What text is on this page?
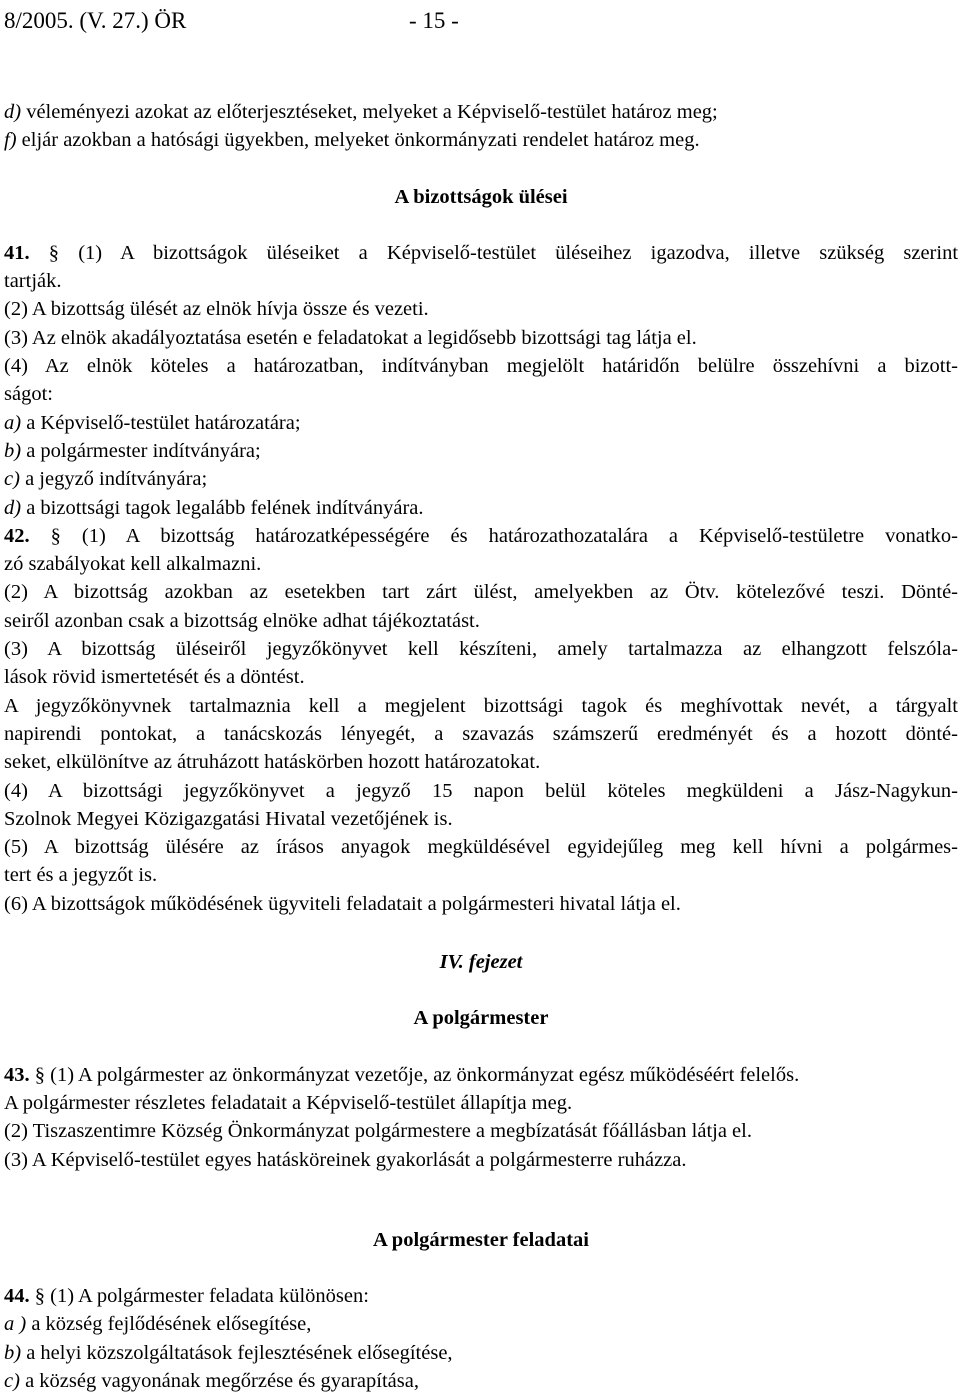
8/2005. (V. 27.) ÖR	- 15 -

d) véleményezi azokat az előterjesztéseket, melyeket a Képviselő-testület határoz meg;

f) eljár azokban a hatósági ügyekben, melyeket önkormányzati rendelet határoz meg.

A bizottságok ülései

41. § (1) A bizottságok üléseiket a Képviselő-testület üléseihez igazodva, illetve szükség szerint

tartják.

(2) A bizottság ülését az elnök hívja össze és vezeti.

(3) Az elnök akadályoztatása esetén e feladatokat a legidősebb bizottsági tag látja el.

(4) Az elnök köteles a határozatban, indítványban megjelölt határidőn belülre összehívni a bizott-

ságot:

a) a Képviselő-testület határozatára;

b) a polgármester indítványára;

c) a jegyző indítványára;

d) a bizottsági tagok legalább felének indítványára.

42. § (1) A bizottság határozatképességére és határozathozatalára a Képviselő-testületre vonatko-

zó szabályokat kell alkalmazni.

(2) A bizottság azokban az esetekben tart zárt ülést, amelyekben az Ötv. kötelezővé teszi. Dönté-

seiről azonban csak a bizottság elnöke adhat tájékoztatást.

(3) A bizottság üléseiről jegyzőkönyvet kell készíteni, amely tartalmazza az elhangzott felszóla-

lások rövid ismertetését és a döntést.

A jegyzőkönyvnek tartalmaznia kell a megjelent bizottsági tagok és meghívottak nevét, a tárgyalt

napirendi pontokat, a tanácskozás lényegét, a szavazás számszerű eredményét és a hozott dönté-

seket, elkülönítve az átruházott hatáskörben hozott határozatokat.

(4) A bizottsági jegyzőkönyvet a jegyző 15 napon belül köteles megküldeni a Jász-Nagykun-

Szolnok Megyei Közigazgatási Hivatal vezetőjének is.

(5) A bizottság ülésére az írásos anyagok megküldésével egyidejűleg meg kell hívni a polgármes-

tert és a jegyzőt is.

(6) A bizottságok működésének ügyviteli feladatait a polgármesteri hivatal látja el.

IV. fejezet

A polgármester

43. § (1) A polgármester az önkormányzat vezetője, az önkormányzat egész működéséért felelős.

A polgármester részletes feladatait a Képviselő-testület állapítja meg.

(2) Tiszaszentimre Község Önkormányzat polgármestere a megbízatását főállásban látja el.

(3) A Képviselő-testület egyes hatásköreinek gyakorlását a polgármesterre ruházza.

A polgármester feladatai

44. § (1) A polgármester feladata különösen:

a ) a község fejlődésének elősegítése,

b) a helyi közszolgáltatások fejlesztésének elősegítése,

c) a község vagyonának megőrzése és gyarapítása,
